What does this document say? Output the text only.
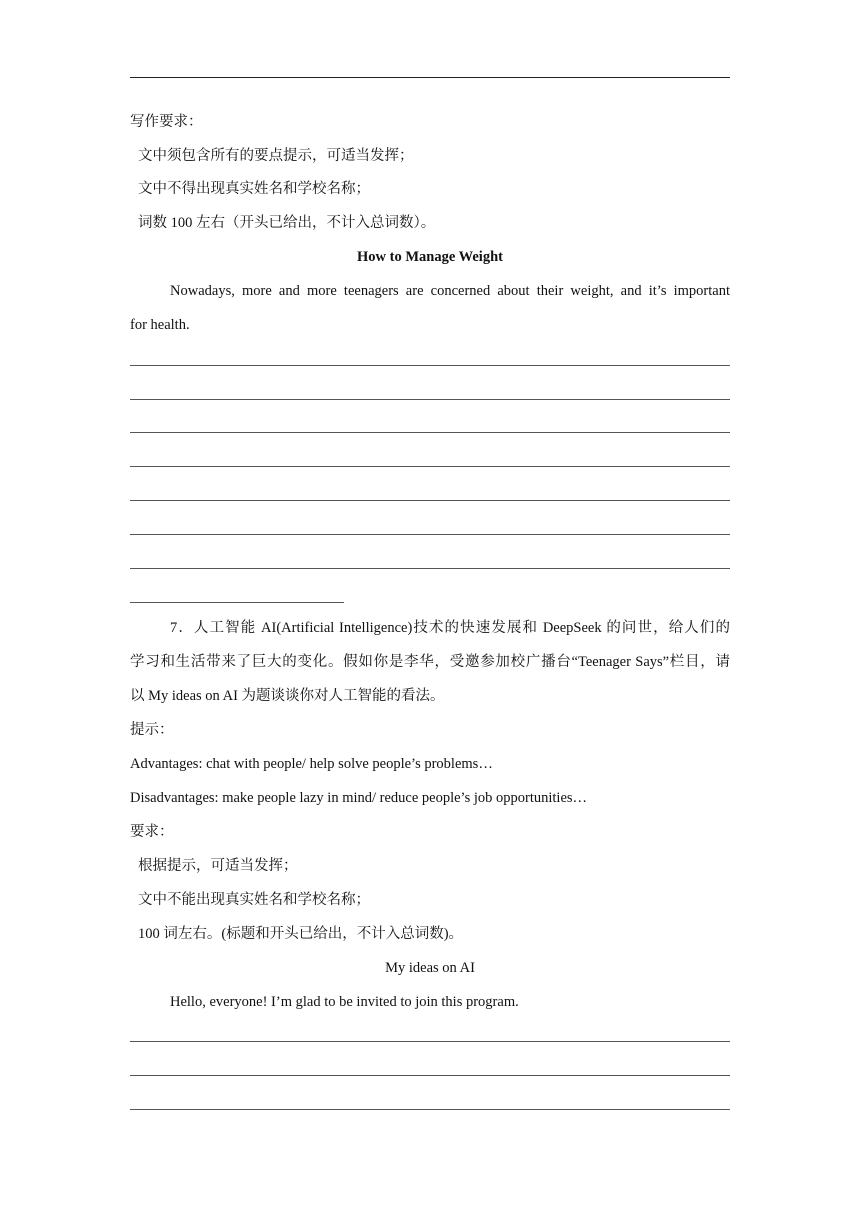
写作要求：
文中须包含所有的要点提示，可适当发挥；
文中不得出现真实姓名和学校名称；
词数 100 左右（开头已给出，不计入总词数）。
How to Manage Weight
Nowadays, more and more teenagers are concerned about their weight, and it’s important
for health.
7．人工智能 AI(Artificial Intelligence)技术的快速发展和 DeepSeek 的问世，给人们的
学习和生活带来了巨大的变化。假如你是李华，受邀参加校广播台“Teenager Says”栏目，请
以 My ideas on AI 为题谈谈你对人工智能的看法。
提示：
Advantages: chat with people/ help solve people’s problems…
Disadvantages: make people lazy in mind/ reduce people’s job opportunities…
要求：
根据提示，可适当发挥；
文中不能出现真实姓名和学校名称；
100 词左右。(标题和开头已给出，不计入总词数)。
My ideas on AI
Hello, everyone! I’m glad to be invited to join this program.
